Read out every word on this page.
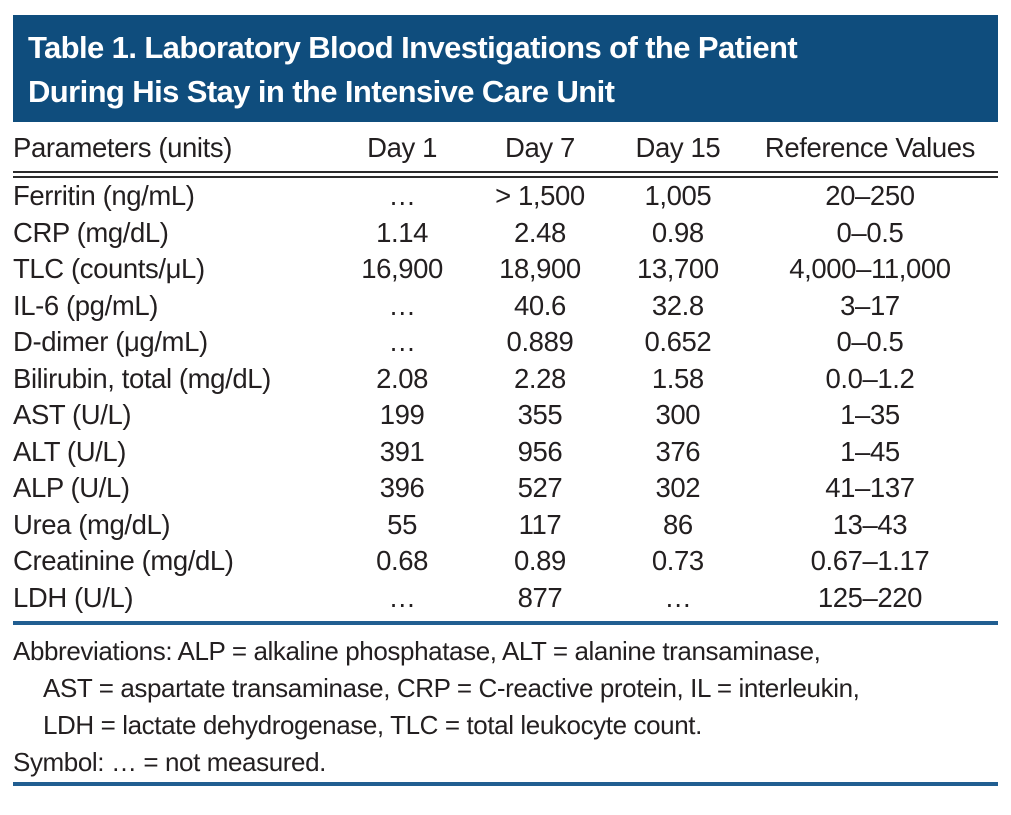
Table 1. Laboratory Blood Investigations of the Patient
During His Stay in the Intensive Care Unit
Parameters (units)	Day 1	Day 7	Day 15	Reference Values
Ferritin (ng/mL)	…	> 1,500	1,005	20–250
CRP (mg/dL)	1.14	2.48	0.98	0–0.5
TLC (counts/μL)	16,900	18,900	13,700	4,000–11,000
IL-6 (pg/mL)	…	40.6	32.8	3–17
D-dimer (μg/mL)	…	0.889	0.652	0–0.5
Bilirubin, total (mg/dL)	2.08	2.28	1.58	0.0–1.2
AST (U/L)	199	355	300	1–35
ALT (U/L)	391	956	376	1–45
ALP (U/L)	396	527	302	41–137
Urea (mg/dL)	55	117	86	13–43
Creatinine (mg/dL)	0.68	0.89	0.73	0.67–1.17
LDH (U/L)	…	877	…	125–220
Abbreviations: ALP = alkaline phosphatase, ALT = alanine transaminase,
AST = aspartate transaminase, CRP = C-reactive protein, IL = interleukin,
LDH = lactate dehydrogenase, TLC = total leukocyte count.
Symbol: … = not measured.
